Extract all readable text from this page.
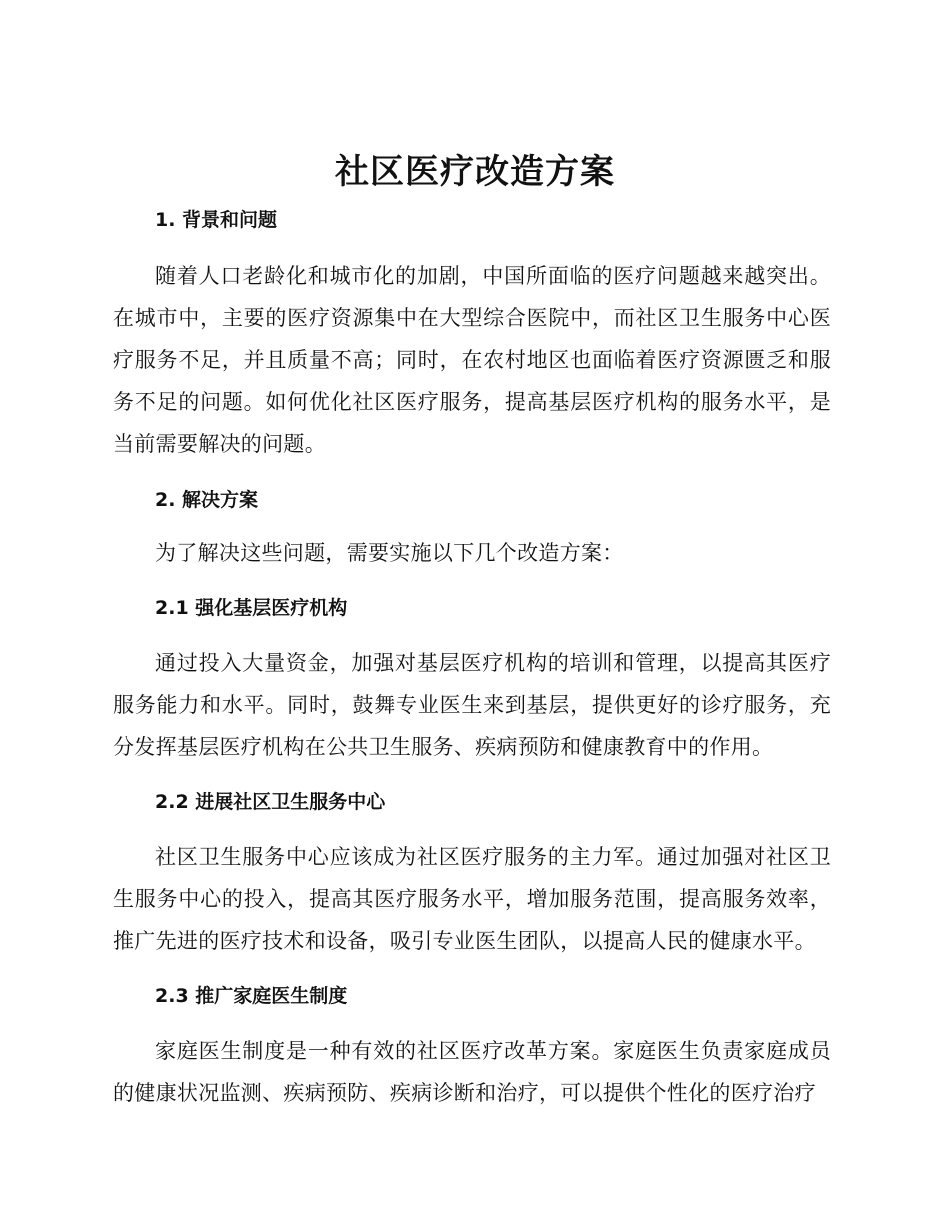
社区医疗改造方案
1. 背景和问题

随着人口老龄化和城市化的加剧，中国所面临的医疗问题越来越突出。在城市中，主要的医疗资源集中在大型综合医院中，而社区卫生服务中心医疗服务不足，并且质量不高；同时，在农村地区也面临着医疗资源匮乏和服务不足的问题。如何优化社区医疗服务，提高基层医疗机构的服务水平，是当前需要解决的问题。

2. 解决方案

为了解决这些问题，需要实施以下几个改造方案：

2.1 强化基层医疗机构

通过投入大量资金，加强对基层医疗机构的培训和管理，以提高其医疗服务能力和水平。同时，鼓舞专业医生来到基层，提供更好的诊疗服务，充分发挥基层医疗机构在公共卫生服务、疾病预防和健康教育中的作用。

2.2 进展社区卫生服务中心

社区卫生服务中心应该成为社区医疗服务的主力军。通过加强对社区卫生服务中心的投入，提高其医疗服务水平，增加服务范围，提高服务效率，推广先进的医疗技术和设备，吸引专业医生团队，以提高人民的健康水平。

2.3 推广家庭医生制度

家庭医生制度是一种有效的社区医疗改革方案。家庭医生负责家庭成员的健康状况监测、疾病预防、疾病诊断和治疗，可以提供个性化的医疗治疗
